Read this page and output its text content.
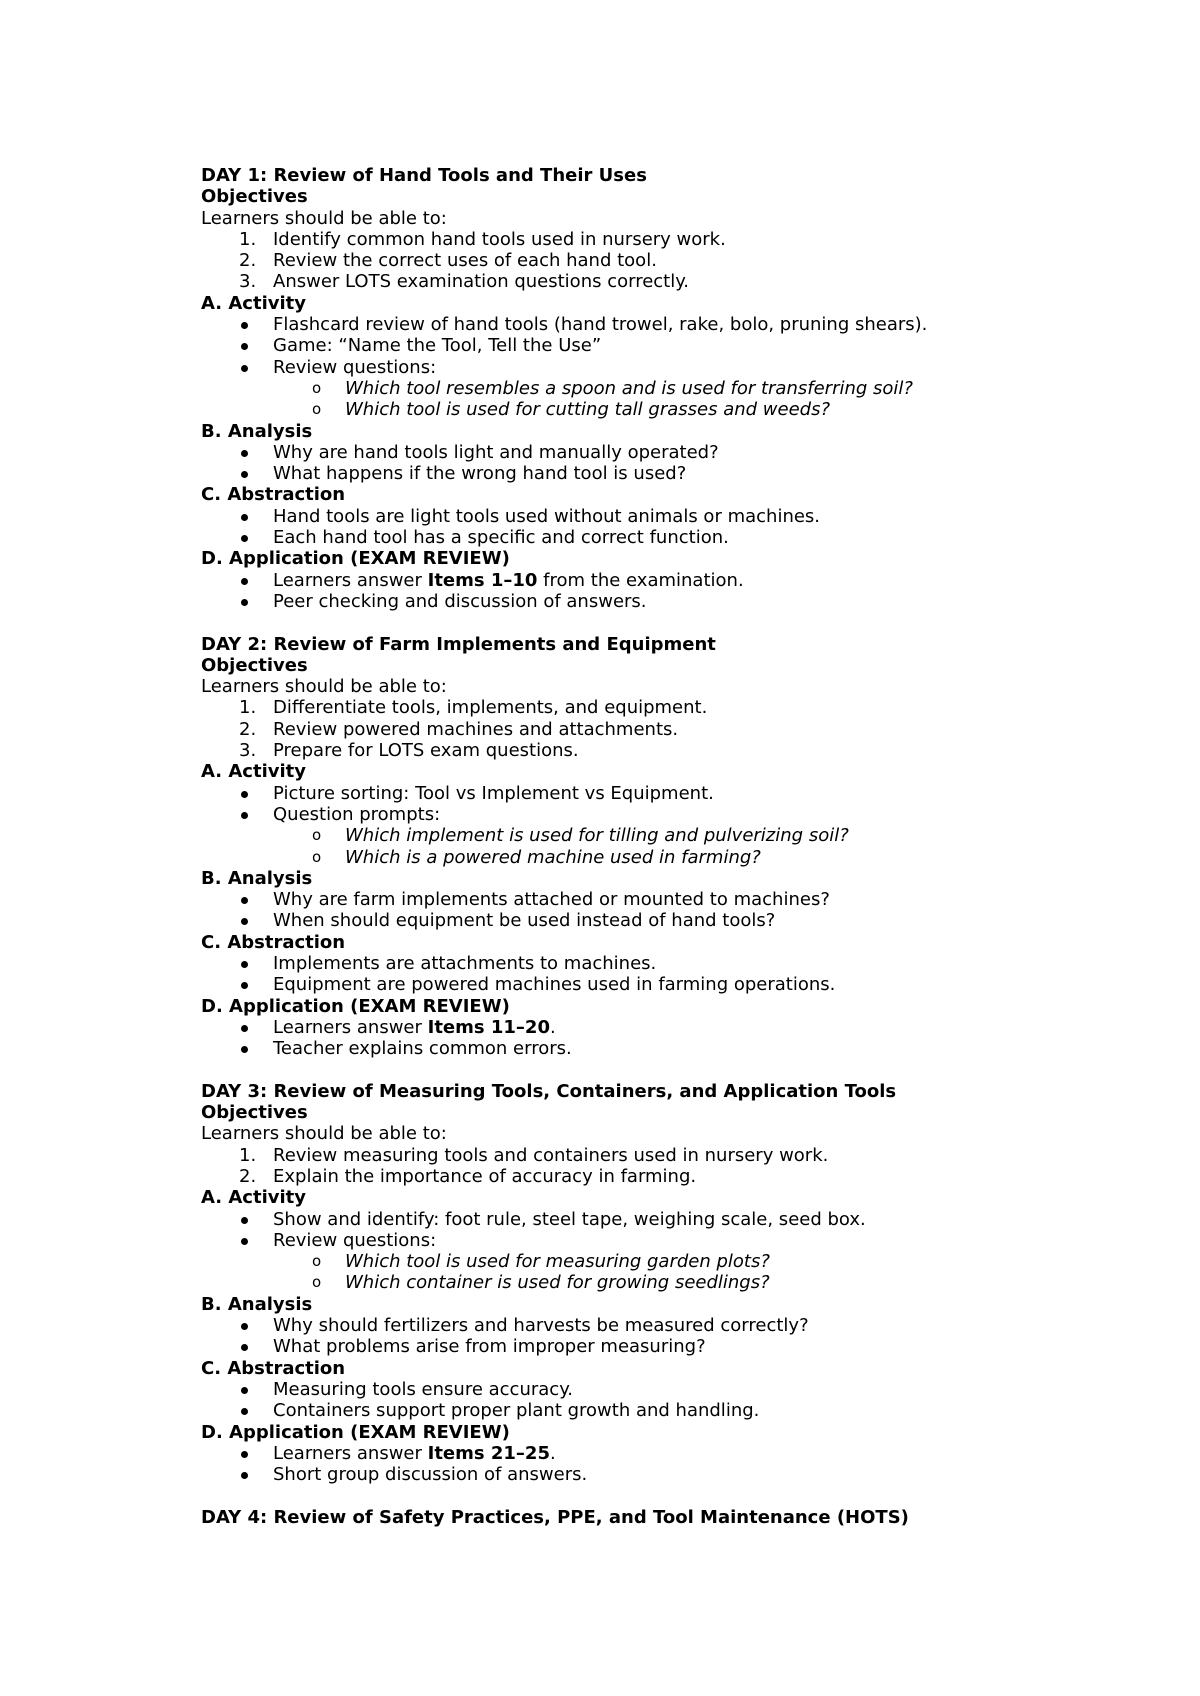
DAY 1: Review of Hand Tools and Their Uses
Objectives
Learners should be able to:
1. Identify common hand tools used in nursery work.
2. Review the correct uses of each hand tool.
3. Answer LOTS examination questions correctly.
A. Activity
Flashcard review of hand tools (hand trowel, rake, bolo, pruning shears).
Game: “Name the Tool, Tell the Use”
Review questions:
o Which tool resembles a spoon and is used for transferring soil?
o Which tool is used for cutting tall grasses and weeds?
B. Analysis
Why are hand tools light and manually operated?
What happens if the wrong hand tool is used?
C. Abstraction
Hand tools are light tools used without animals or machines.
Each hand tool has a specific and correct function.
D. Application (EXAM REVIEW)
Learners answer Items 1–10 from the examination.
Peer checking and discussion of answers.
DAY 2: Review of Farm Implements and Equipment
Objectives
Learners should be able to:
1. Differentiate tools, implements, and equipment.
2. Review powered machines and attachments.
3. Prepare for LOTS exam questions.
A. Activity
Picture sorting: Tool vs Implement vs Equipment.
Question prompts:
o Which implement is used for tilling and pulverizing soil?
o Which is a powered machine used in farming?
B. Analysis
Why are farm implements attached or mounted to machines?
When should equipment be used instead of hand tools?
C. Abstraction
Implements are attachments to machines.
Equipment are powered machines used in farming operations.
D. Application (EXAM REVIEW)
Learners answer Items 11–20.
Teacher explains common errors.
DAY 3: Review of Measuring Tools, Containers, and Application Tools
Objectives
Learners should be able to:
1. Review measuring tools and containers used in nursery work.
2. Explain the importance of accuracy in farming.
A. Activity
Show and identify: foot rule, steel tape, weighing scale, seed box.
Review questions:
o Which tool is used for measuring garden plots?
o Which container is used for growing seedlings?
B. Analysis
Why should fertilizers and harvests be measured correctly?
What problems arise from improper measuring?
C. Abstraction
Measuring tools ensure accuracy.
Containers support proper plant growth and handling.
D. Application (EXAM REVIEW)
Learners answer Items 21–25.
Short group discussion of answers.
DAY 4: Review of Safety Practices, PPE, and Tool Maintenance (HOTS)
